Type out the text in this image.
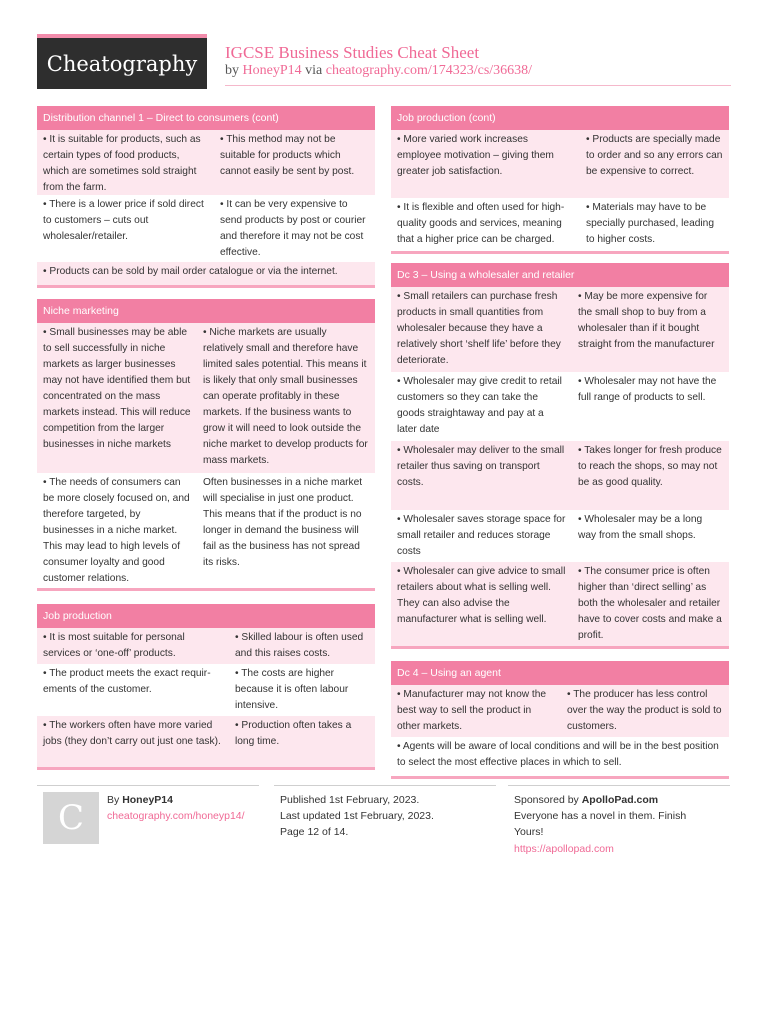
Cheatography IGCSE Business Studies Cheat Sheet
by HoneyP14 via cheatography.com/174323/cs/36638/
Distribution channel 1 – Direct to consumers (cont)
• It is suitable for products, such as certain types of food products, which are sometimes sold straight from the farm.
• This method may not be suitable for products which cannot easily be sent by post.
• There is a lower price if sold direct to customers – cuts out wholesaler/retailer.
• It can be very expensive to send products by post or courier and therefore it may not be cost effective.
• Products can be sold by mail order catalogue or via the internet.
Niche marketing
• Small businesses may be able to sell successfully in niche markets as larger businesses may not have identified them but concentrated on the mass markets instead. This will reduce competition from the larger businesses in niche markets
• Niche markets are usually relatively small and therefore have limited sales potential. This means it is likely that only small businesses can operate profitably in these markets. If the business wants to grow it will need to look outside the niche market to develop products for mass markets.
• The needs of consumers can be more closely focused on, and therefore targeted, by businesses in a niche market. This may lead to high levels of consumer loyalty and good customer relations.
Often businesses in a niche market will specialise in just one product. This means that if the product is no longer in demand the business will fail as the business has not spread its risks.
Job production
• It is most suitable for personal services or ‘one-off’ products.
• Skilled labour is often used and this raises costs.
• The product meets the exact requirements of the customer.
• The costs are higher because it is often labour intensive.
• The workers often have more varied jobs (they don’t carry out just one task).
• Production often takes a long time.
Job production (cont)
• More varied work increases employee motivation – giving them greater job satisfaction.
• Products are specially made to order and so any errors can be expensive to correct.
• It is flexible and often used for high-quality goods and services, meaning that a higher price can be charged.
• Materials may have to be specially purchased, leading to higher costs.
Dc 3 – Using a wholesaler and retailer
• Small retailers can purchase fresh products in small quantities from wholesaler because they have a relatively short ‘shelf life’ before they deteriorate.
• May be more expensive for the small shop to buy from a wholesaler than if it bought straight from the manufacturer
• Wholesaler may give credit to retail customers so they can take the goods straightaway and pay at a later date
• Wholesaler may not have the full range of products to sell.
• Wholesaler may deliver to the small retailer thus saving on transport costs.
• Takes longer for fresh produce to reach the shops, so may not be as good quality.
• Wholesaler saves storage space for small retailer and reduces storage costs
• Wholesaler may be a long way from the small shops.
• Wholesaler can give advice to small retailers about what is selling well. They can also advise the manufacturer what is selling well.
• The consumer price is often higher than ‘direct selling’ as both the wholesaler and retailer have to cover costs and make a profit.
Dc 4 – Using an agent
• Manufacturer may not know the best way to sell the product in other markets.
• The producer has less control over the way the product is sold to customers.
• Agents will be aware of local conditions and will be in the best position to select the most effective places in which to sell.
C By HoneyP14
cheatography.com/honeyp14/
Published 1st February, 2023.
Last updated 1st February, 2023.
Page 12 of 14.
Sponsored by ApolloPad.com
Everyone has a novel in them. Finish Yours!
https://apollopad.com
